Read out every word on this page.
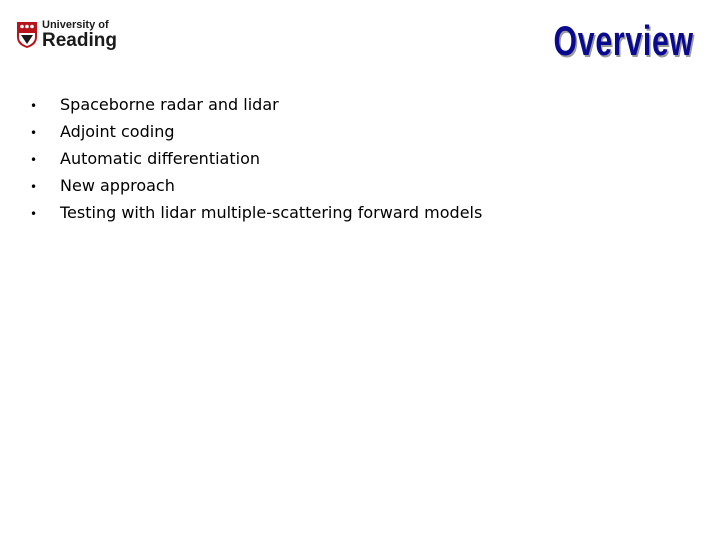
University of
Reading	Overview
•	Spaceborne radar and lidar
•	Adjoint coding
•	Automatic differentiation
•	New approach
•	Testing with lidar multiple-scattering forward models
